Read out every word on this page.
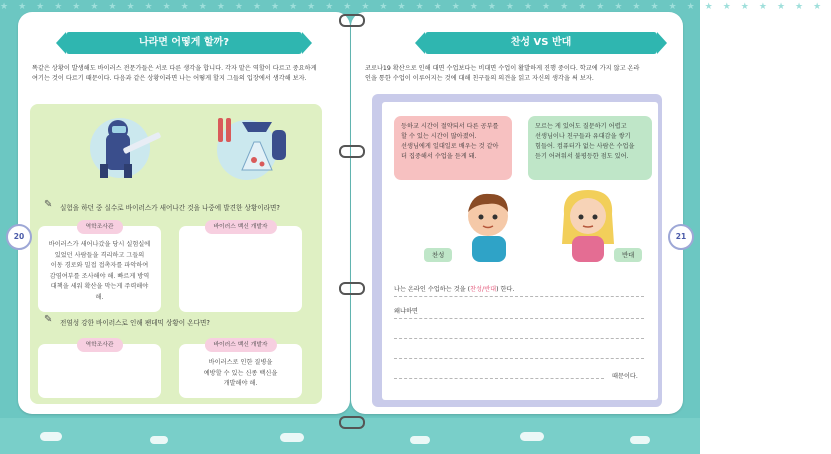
★★★★★★★★★★★★★★★★★★★★★★★★★★★★★★★★★★★★★★★★★★★★★★
나라면 어떻게 할까?
똑같은 상황이 발생해도 바이러스 전문가들은 서로 다른 생각을 합니다. 각자 맡은 역할이 다르고 중요하게
여기는 것이 다르기 때문이다. 다음과 같은 상황이라면 나는 어떻게 할지 그들의 입장에서 생각해 보자.
✎	실험을 하던 중 실수로 바이러스가 새어나간 것을 나중에 발견한 상황이라면?
역학조사관
바이러스가 새어나갔을 당시 실험실에
있었던 사람들을 격리하고 그들의
이동 경로와 밀접 접촉자를 파악하여
감염여부를 조사해야 해. 빠르게 방역
대책을 세워 확산을 막는게 주력해야 해.
바이러스 백신 개발자
✎	전염성 강한 바이러스로 인해 팬데믹 상황이 온다면?
역학조사관	바이러스 백신 개발자
바이러스로 인한 질병을
예방할 수 있는 신종 백신을
개발해야 해.
찬성 VS 반대
코로나19 확산으로 인해 대면 수업보다는 비대면 수업이 활발하게 진행 중이다. 학교에 가지 않고 온라
인을 통한 수업이 이루어지는 것에 대해 친구들의 의견을 읽고 자신의 생각을 써 보자.
등하교 시간이 절약되서 다른 공부를
할 수 있는 시간이 많아졌어.
선생님에게 일대일로 배우는 것 같아
더 집중해서 수업을 듣게 돼.
모르는 게 있어도 질문하기 어렵고
선생님이나 친구들과 유대감을 쌓기
힘들어. 컴퓨터가 없는 사람은 수업을
듣기 어려워서 불평등한 점도 있어.
찬성	반대
나는 온라인 수업하는 것을 (찬성/반대) 한다.
왜냐하면
때문이다.
20	21
